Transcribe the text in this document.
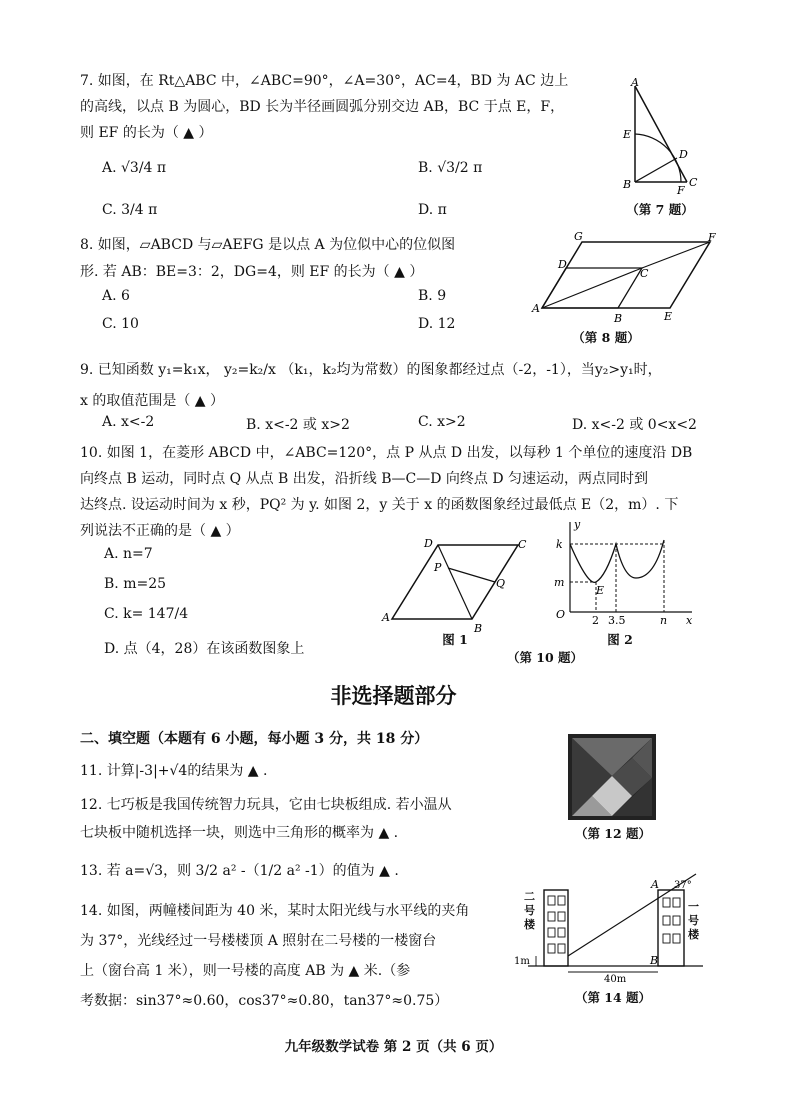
7. 如图，在 Rt△ABC 中，∠ABC=90°，∠A=30°，AC=4，BD 为 AC 边上
的高线，以点 B 为圆心，BD 长为半径画圆弧分别交边 AB，BC 于点 E，F，
则 EF 的长为（ ▲ ）
A. √3/4 π	B. √3/2 π
C. 3/4 π	D. π
A
B	C
D
E
F
（第 7 题）
8. 如图，▱ABCD 与▱AEFG 是以点 A 为位似中心的位似图
形. 若 AB：BE=3：2，DG=4，则 EF 的长为（ ▲ ）
A. 6	B. 9
C. 10	D. 12
A
B
C
D
E
F
G
（第 8 题）
9. 已知函数 y₁=k₁x， y₂=k₂/x （k₁，k₂均为常数）的图象都经过点（-2，-1），当y₂>y₁时，
x 的取值范围是（ ▲ ）
A. x<-2	B. x<-2 或 x>2	C. x>2	D. x<-2 或 0<x<2
10. 如图 1，在菱形 ABCD 中，∠ABC=120°，点 P 从点 D 出发，以每秒 1 个单位的速度沿 DB
向终点 B 运动，同时点 Q 从点 B 出发，沿折线 B—C—D 向终点 D 匀速运动，两点同时到
达终点. 设运动时间为 x 秒，PQ² 为 y. 如图 2，y 关于 x 的函数图象经过最低点 E（2，m）. 下
列说法不正确的是（ ▲ ）
A. n=7
B. m=25
C. k= 147/4
D. 点（4，28）在该函数图象上
A
B
C
D
P
Q
图 1
y
k
m
E
O 2 3.5	n x
图 2
（第 10 题）
非选择题部分
二、填空题（本题有 6 小题，每小题 3 分，共 18 分）
11. 计算|-3|+√4的结果为 ▲ .
12. 七巧板是我国传统智力玩具，它由七块板组成. 若小温从
七块板中随机选择一块，则选中三角形的概率为 ▲ .	（第 12 题）
13. 若 a=√3，则 3/2 a² -（1/2 a² -1）的值为 ▲ .
14. 如图，两幢楼间距为 40 米，某时太阳光线与水平线的夹角
为 37°，光线经过一号楼楼顶 A 照射在二号楼的一楼窗台
上（窗台高 1 米），则一号楼的高度 AB 为 ▲ 米.（参
考数据：sin37°≈0.60，cos37°≈0.80，tan37°≈0.75）
1m
40m
37°
A
B
二号楼
一号楼
（第 14 题）
九年级数学试卷 第 2 页（共 6 页）
